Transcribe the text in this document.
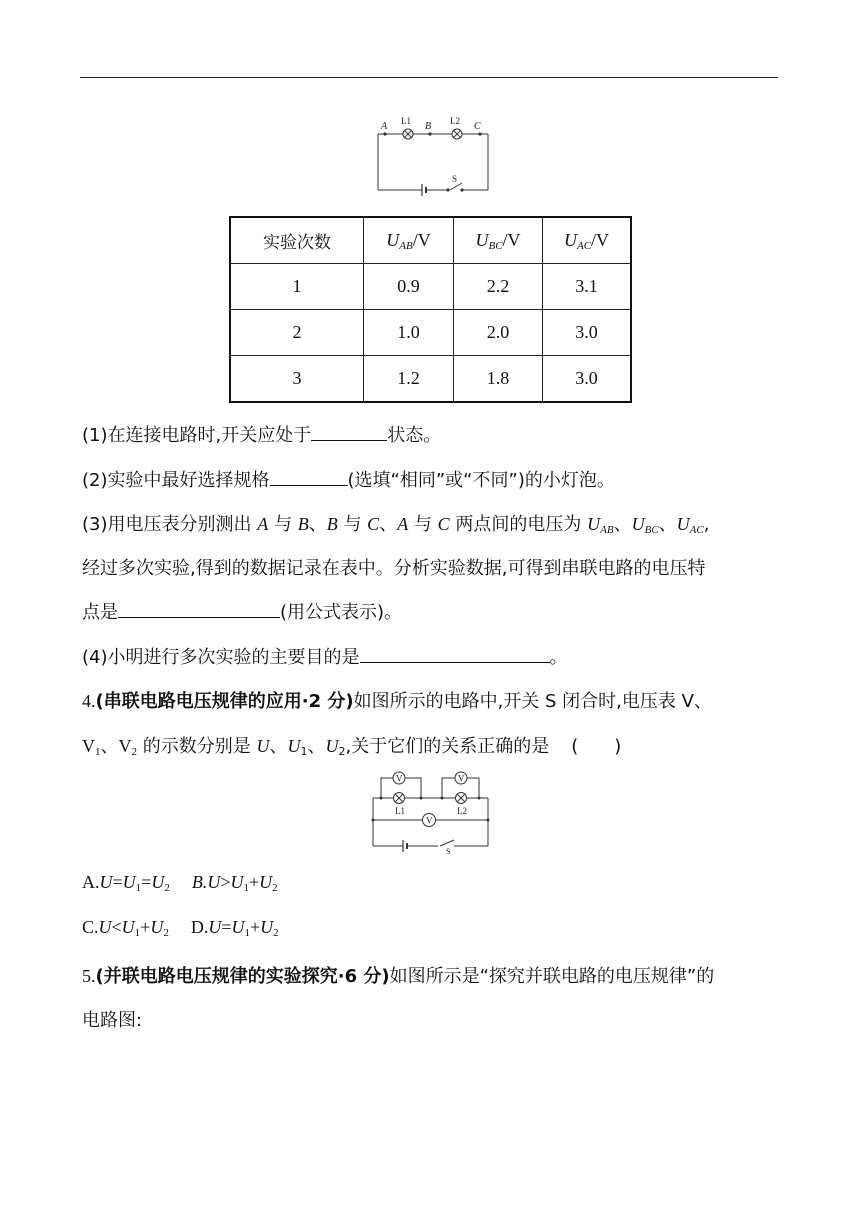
A L1 B L2 C
S
实验次数	$U_{AB}/V$	$U_{BC}/V$	$U_{AC}/V$
1	0.9	2.2	3.1
2	1.0	2.0	3.0
3	1.2	1.8	3.0
(1)在连接电路时,开关应处于	状态。
(2)实验中最好选择规格	(选填“相同”或“不同”)的小灯泡。
(3)用电压表分别测出 A 与 B、B 与 C、A 与 C 两点间的电压为 $U_{AB}$、$U_{BC}$、$U_{AC}$,
经过多次实验,得到的数据记录在表中。分析实验数据,可得到串联电路的电压特
点是	(用公式表示)。
(4)小明进行多次实验的主要目的是	。
4.(串联电路电压规律的应用·2 分)如图所示的电路中,开关 S 闭合时,电压表 V、
$V_1$、$V_2$ 的示数分别是 U、$U_1$、$U_2$,关于它们的关系正确的是 (　　)
V	V
V
L1	L2
S
$A.U=U_1=U_2$ $B.U>U_1+U_2$
$C.U<U_1+U_2$ $D.U=U_1+U_2$
5.(并联电路电压规律的实验探究·6 分)如图所示是“探究并联电路的电压规律”的
电路图:
